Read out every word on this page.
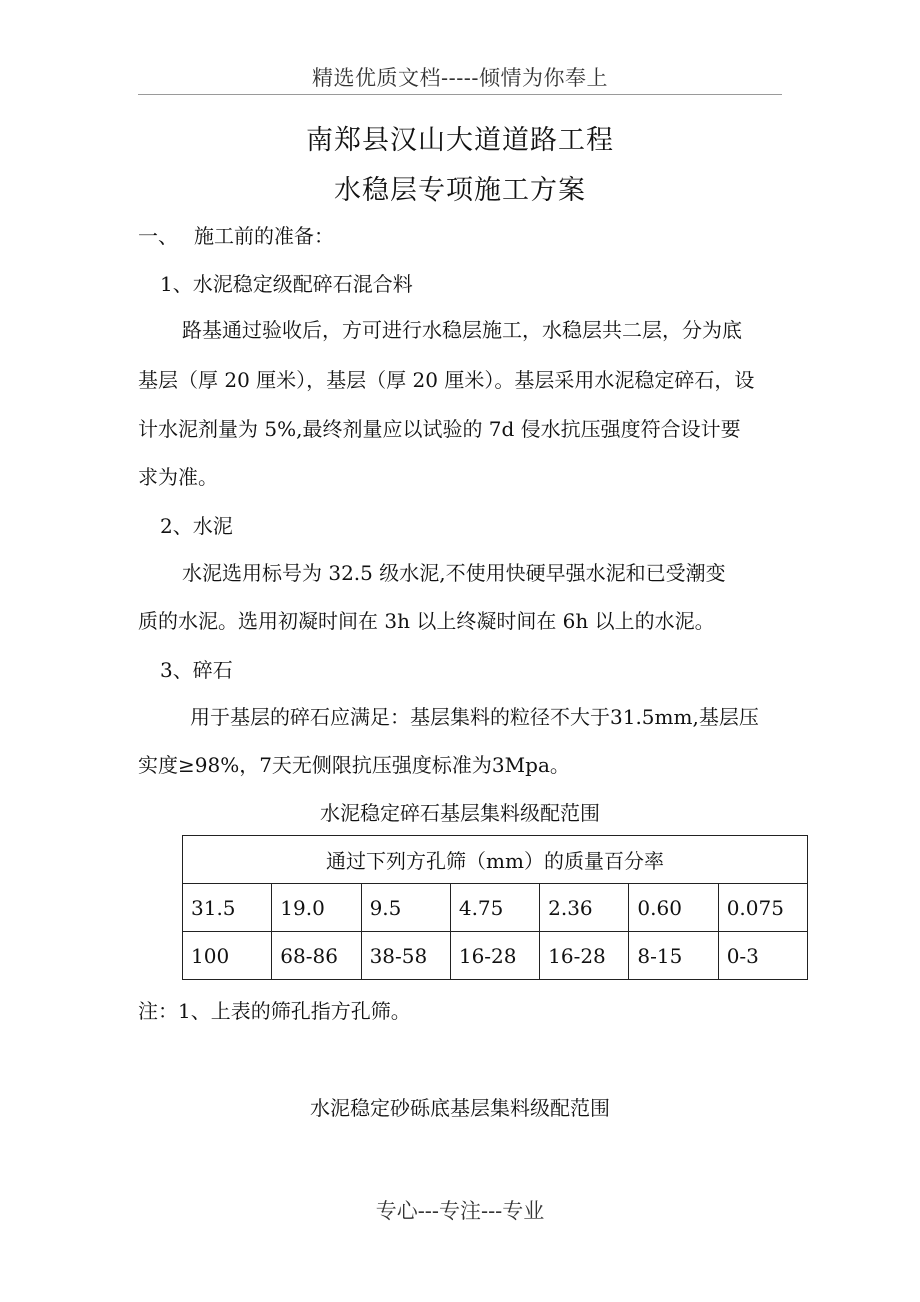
精选优质文档-----倾情为你奉上
南郑县汉山大道道路工程
水稳层专项施工方案
一、 施工前的准备：
1、水泥稳定级配碎石混合料
路基通过验收后，方可进行水稳层施工，水稳层共二层，分为底
基层（厚 20 厘米），基层（厚 20 厘米）。基层采用水泥稳定碎石，设
计水泥剂量为 5%,最终剂量应以试验的 7d 侵水抗压强度符合设计要
求为准。
2、水泥
水泥选用标号为 32.5 级水泥,不使用快硬早强水泥和已受潮变
质的水泥。选用初凝时间在 3h 以上终凝时间在 6h 以上的水泥。
3、碎石
用于基层的碎石应满足：基层集料的粒径不大于31.5mm,基层压
实度≥98%，7天无侧限抗压强度标准为3Mpa。
水泥稳定碎石基层集料级配范围
通过下列方孔筛（mm）的质量百分率						
31.5	19.0	9.5	4.75	2.36	0.60	0.075
100	68-86	38-58	16-28	16-28	8-15	0-3
注：1、上表的筛孔指方孔筛。
水泥稳定砂砾底基层集料级配范围
专心---专注---专业
